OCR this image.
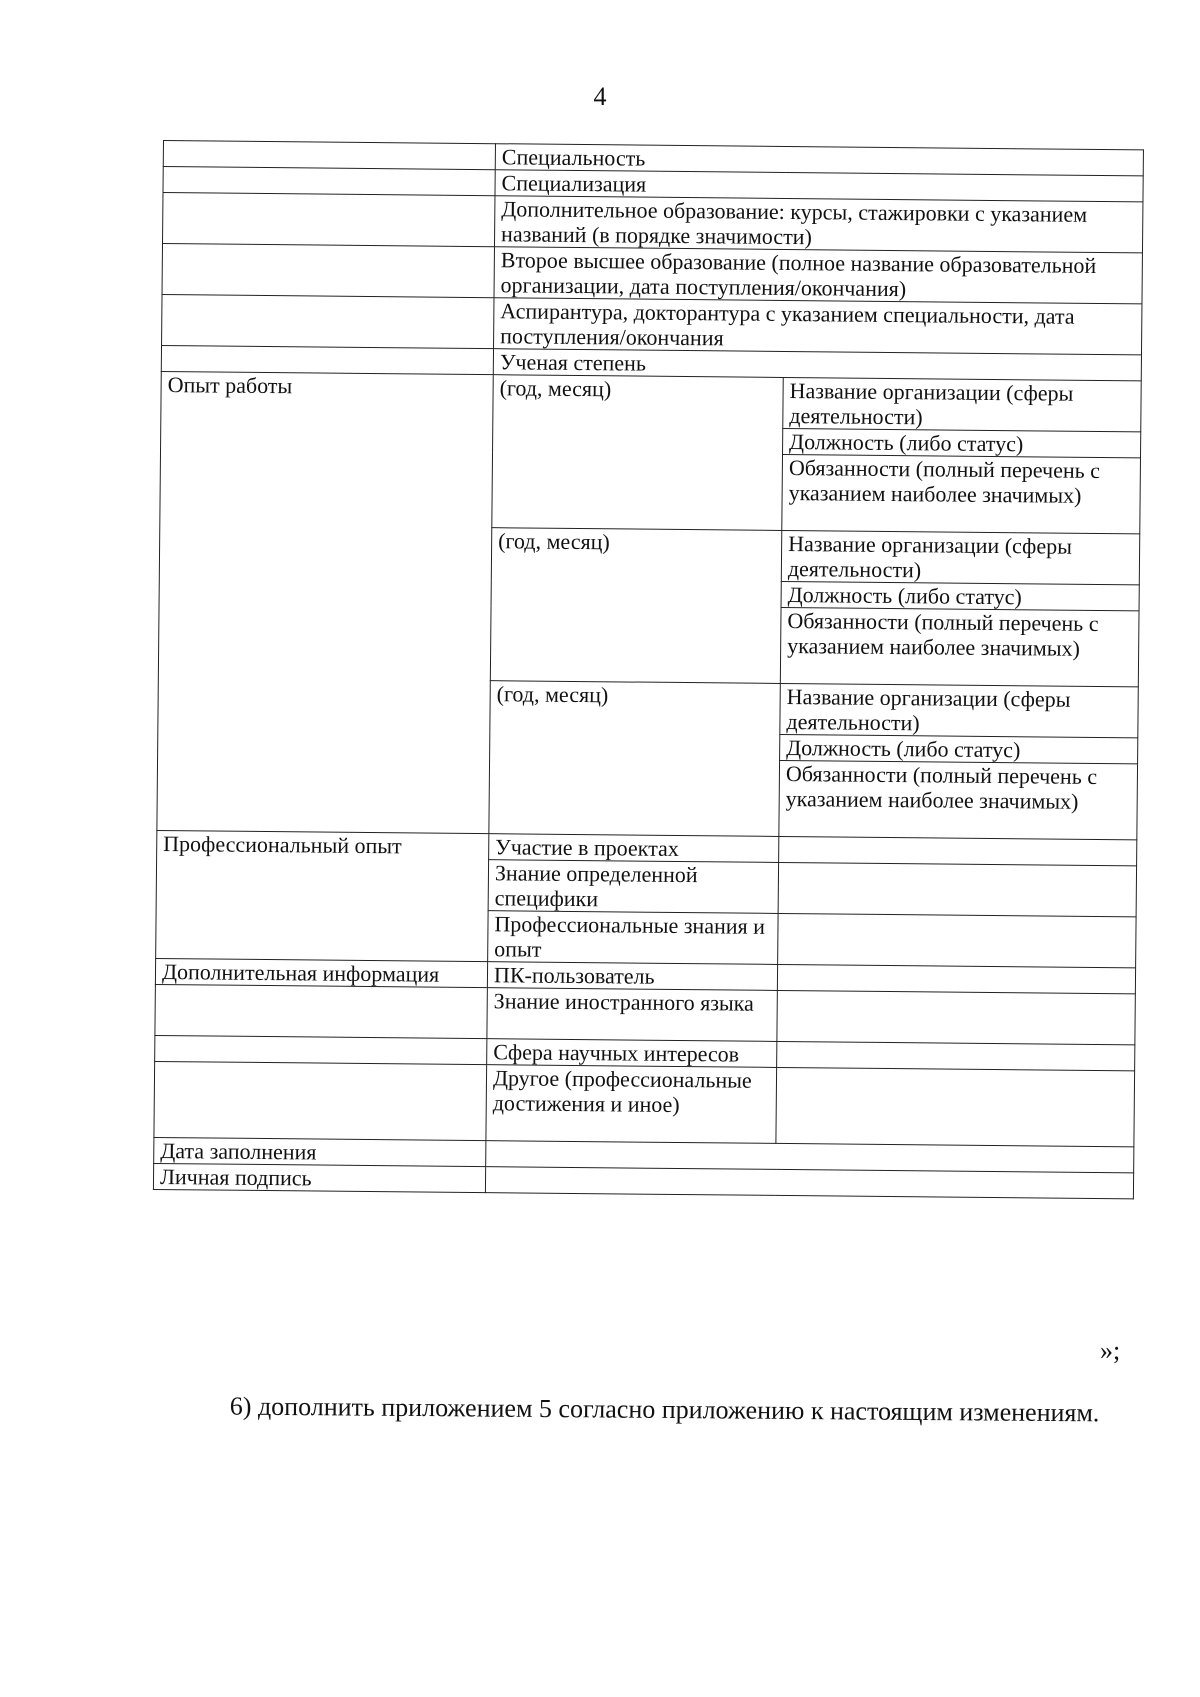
4
	Специальность	
	Специализация	
	Дополнительное образование: курсы, стажировки с указанием названий (в порядке значимости)	
	Второе высшее образование (полное название образовательной организации, дата поступления/окончания)	
	Аспирантура, докторантура с указанием специальности, дата поступления/окончания	
	Ученая степень	
Опыт работы	(год, месяц)	Название организации (сферы деятельности)
		Должность (либо статус)
		Обязанности (полный перечень с указанием наиболее значимых)
	(год, месяц)	Название организации (сферы деятельности)
		Должность (либо статус)
		Обязанности (полный перечень с указанием наиболее значимых)
	(год, месяц)	Название организации (сферы деятельности)
		Должность (либо статус)
		Обязанности (полный перечень с указанием наиболее значимых)
Профессиональный опыт	Участие в проектах	
	Знание определенной специфики	
	Профессиональные знания и опыт	
Дополнительная информация	ПК-пользователь	
	Знание иностранного языка	
	Сфера научных интересов	
	Другое (профессиональные достижения и иное)	
Дата заполнения		
Личная подпись		
»;

6) дополнить приложением 5 согласно приложению к настоящим изменениям.
